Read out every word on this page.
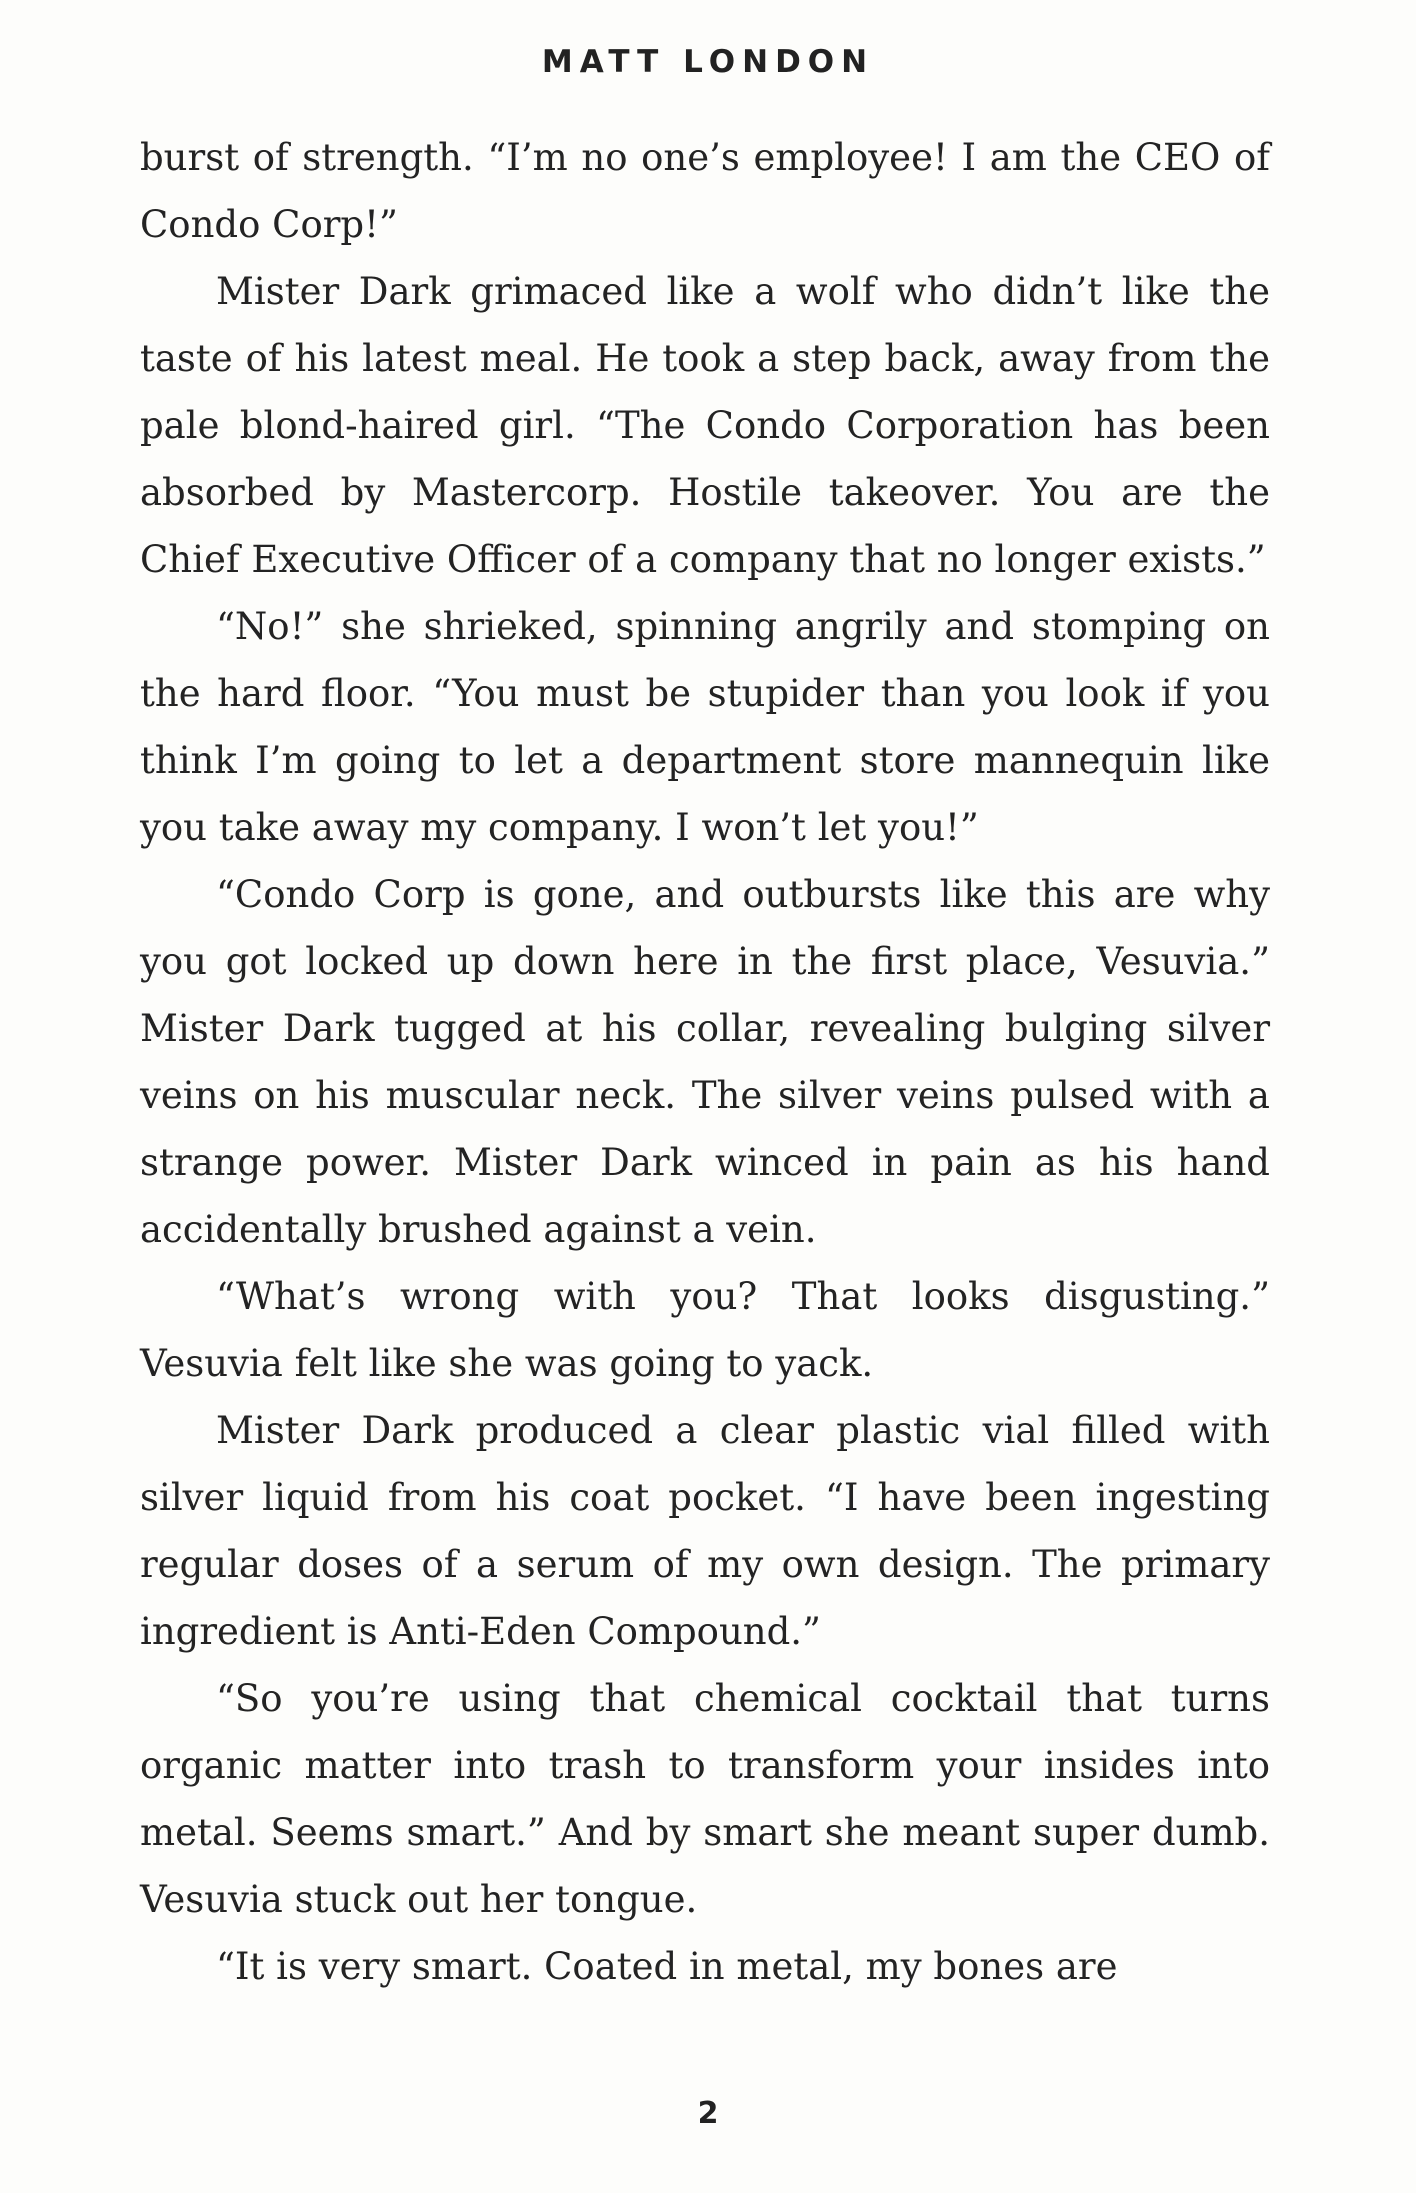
MATT LONDON

burst of strength. “I’m no one’s employee! I am the CEO of Condo Corp!”

Mister Dark grimaced like a wolf who didn’t like the taste of his latest meal. He took a step back, away from the pale blond-haired girl. “The Condo Corporation has been absorbed by Mastercorp. Hostile takeover. You are the Chief Executive Officer of a company that no longer exists.”

“No!” she shrieked, spinning angrily and stomping on the hard floor. “You must be stupider than you look if you think I’m going to let a department store mannequin like you take away my company. I won’t let you!”

“Condo Corp is gone, and outbursts like this are why you got locked up down here in the first place, Vesuvia.” Mister Dark tugged at his collar, revealing bulging silver veins on his muscular neck. The silver veins pulsed with a strange power. Mister Dark winced in pain as his hand accidentally brushed against a vein.

“What’s wrong with you? That looks disgusting.” Vesuvia felt like she was going to yack.

Mister Dark produced a clear plastic vial filled with silver liquid from his coat pocket. “I have been ingesting regular doses of a serum of my own design. The primary ingredient is Anti-Eden Compound.”

“So you’re using that chemical cocktail that turns organic matter into trash to transform your insides into metal. Seems smart.” And by smart she meant super dumb. Vesuvia stuck out her tongue.

“It is very smart. Coated in metal, my bones are

2
